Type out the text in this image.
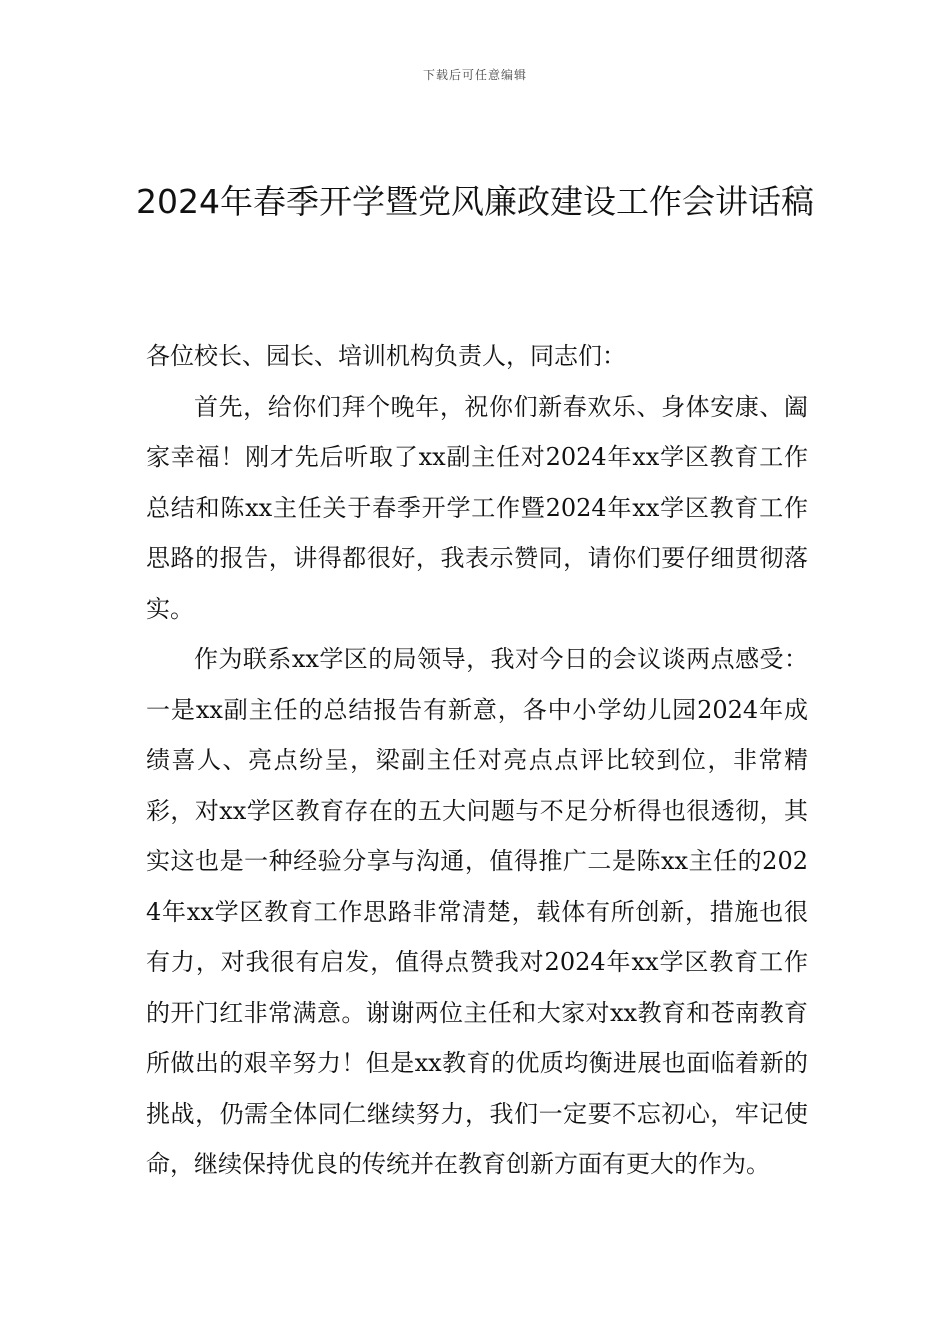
下载后可任意编辑
2024年春季开学暨党风廉政建设工作会讲话稿

各位校长、园长、培训机构负责人，同志们：

首先，给你们拜个晚年，祝你们新春欢乐、身体安康、阖家幸福！刚才先后听取了xx副主任对2024年xx学区教育工作总结和陈xx主任关于春季开学工作暨2024年xx学区教育工作思路的报告，讲得都很好，我表示赞同，请你们要仔细贯彻落实。

作为联系xx学区的局领导，我对今日的会议谈两点感受：一是xx副主任的总结报告有新意，各中小学幼儿园2024年成绩喜人、亮点纷呈，梁副主任对亮点点评比较到位，非常精彩，对xx学区教育存在的五大问题与不足分析得也很透彻，其实这也是一种经验分享与沟通，值得推广二是陈xx主任的2024年xx学区教育工作思路非常清楚，载体有所创新，措施也很有力，对我很有启发，值得点赞我对2024年xx学区教育工作的开门红非常满意。谢谢两位主任和大家对xx教育和苍南教育所做出的艰辛努力！但是xx教育的优质均衡进展也面临着新的挑战，仍需全体同仁继续努力，我们一定要不忘初心，牢记使命，继续保持优良的传统并在教育创新方面有更大的作为。
